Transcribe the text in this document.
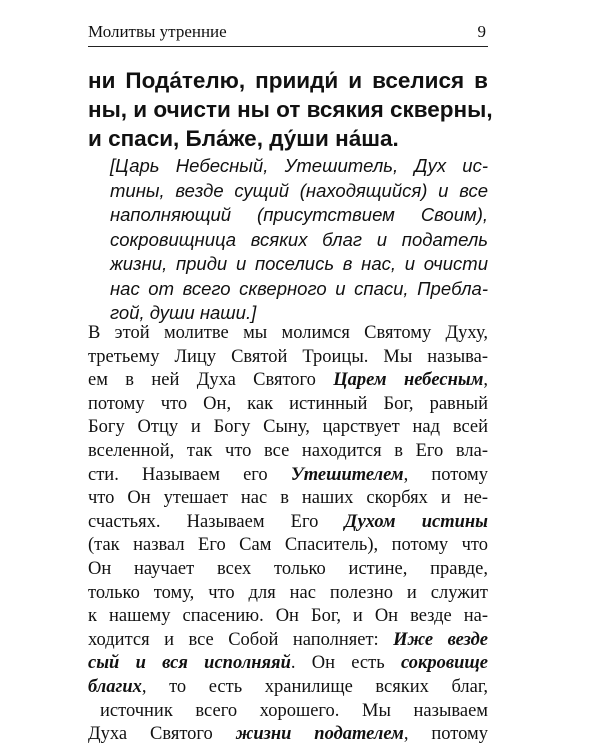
Молитвы утренние	9
ни Пода́телю, прииди́ и вселися в
ны, и очисти ны от всякия скверны,
и спаси, Бла́же, ду́ши на́ша.
[Царь Небесный, Утешитель, Дух ис-
тины, везде сущий (находящийся) и все
наполняющий (присутствием Своим),
сокровищница всяких благ и податель
жизни, приди и поселись в нас, и очисти
нас от всего скверного и спаси, Пребла-
гой, души наши.]
В этой молитве мы молимся Святому Духу,
третьему Лицу Святой Троицы. Мы называ-
ем в ней Духа Святого Царем небесным,
потому что Он, как истинный Бог, равный
Богу Отцу и Богу Сыну, царствует над всей
вселенной, так что все находится в Его вла-
сти. Называем его Утешителем, потому
что Он утешает нас в наших скорбях и не-
счастьях. Называем Его Духом истины
(так назвал Его Сам Спаситель), потому что
Он научает всех только истине, правде,
только тому, что для нас полезно и служит
к нашему спасению. Он Бог, и Он везде на-
ходится и все Собой наполняет: Иже везде
сый и вся исполняяй. Он есть сокровище
благих, то есть хранилище всяких благ,
источник всего хорошего. Мы называем
Духа Святого жизни подателем, потому
